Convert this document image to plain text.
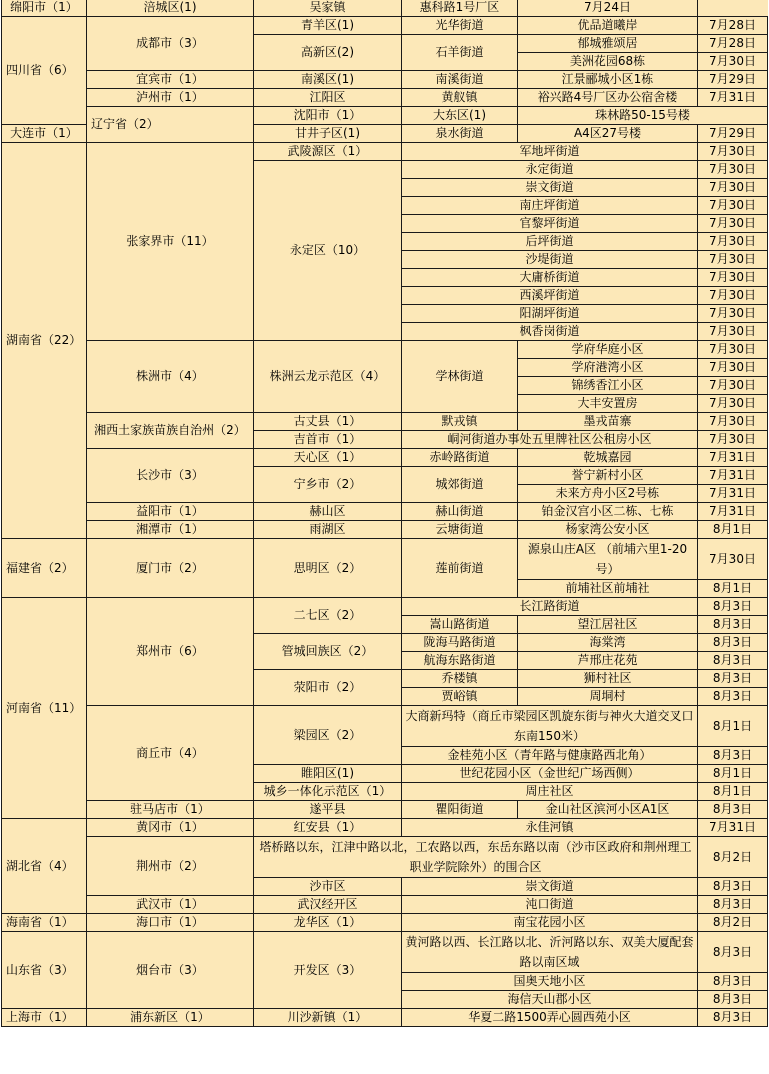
绵阳市（1）	涪城区(1)	吴家镇	惠科路1号厂区	7月24日		
四川省（6）	成都市（3）	青羊区(1)	光华街道	优品道曦岸	7月28日	
		高新区(2)	石羊街道	郁城雅颂居	7月28日	
				美洲花园68栋	7月30日	
	宜宾市（1）	南溪区(1)	南溪街道	江景郦城小区1栋	7月29日	
	泸州市（1）	江阳区	黄舣镇	裕兴路4号厂区办公宿舍楼	7月31日	
	辽宁省（2）	沈阳市（1）	大东区(1)	珠林路50-15号楼	
大连市（1）		甘井子区(1)	泉水街道	A4区27号楼	7月29日	
湖南省（22）	张家界市（11）	武陵源区（1）	军地坪街道		7月30日	
		永定区（10）	永定街道		7月30日	
			崇文街道		7月30日	
			南庄坪街道		7月30日	
			官黎坪街道		7月30日	
			后坪街道		7月30日	
			沙堤街道		7月30日	
			大庸桥街道		7月30日	
			西溪坪街道		7月30日	
			阳湖坪街道		7月30日	
			枫香岗街道		7月30日	
	株洲市（4）	株洲云龙示范区（4）	学林街道	学府华庭小区	7月30日	
				学府港湾小区	7月30日	
				锦绣香江小区	7月30日	
				大丰安置房	7月30日	
	湘西土家族苗族自治州（2）	古丈县（1）	默戎镇	墨戎苗寨	7月30日	
		吉首市（1）	峒河街道办事处五里牌社区公租房小区		7月30日	
	长沙市（3）	天心区（1）	赤岭路街道	乾城嘉园	7月31日	
		宁乡市（2）	城郊街道	誉宁新村小区	7月31日	
				未来方舟小区2号栋	7月31日	
	益阳市（1）	赫山区	赫山街道	铂金汉宫小区二栋、七栋	7月31日	
	湘潭市（1）	雨湖区	云塘街道	杨家湾公安小区	8月1日	
福建省（2）	厦门市（2）	思明区（2）	莲前街道	源泉山庄A区 （前埔六里1-20号）	7月30日	
				前埔社区前埔社	8月1日	
河南省（11）	郑州市（6）	二七区（2）	长江路街道		8月3日	
			嵩山路街道	望江居社区	8月3日	
		管城回族区（2）	陇海马路街道	海棠湾	8月3日	
			航海东路街道	芦邢庄花苑	8月3日	
		荥阳市（2）	乔楼镇	狮村社区	8月3日	
			贾峪镇	周垌村	8月3日	
	商丘市（4）	梁园区（2）	大商新玛特（商丘市梁园区凯旋东街与神火大道交叉口东南150米）		8月1日	
			金桂苑小区（青年路与健康路西北角）		8月3日	
		睢阳区(1)	世纪花园小区（金世纪广场西侧）		8月1日	
		城乡一体化示范区（1）	周庄社区		8月1日	
	驻马店市（1）	遂平县	瞿阳街道	金山社区滨河小区A1区	8月3日	
湖北省（4）	黄冈市（1）	红安县（1）	永佳河镇		7月31日	
	荆州市（2）	塔桥路以东，江津中路以北，工农路以西，东岳东路以南（沙市区政府和荆州理工职业学院除外）的围合区			8月2日	
		沙市区	崇文街道		8月3日	
	武汉市（1）	武汉经开区	沌口街道		8月3日	
海南省（1）	海口市（1）	龙华区（1）	南宝花园小区		8月2日	
山东省（3）	烟台市（3）	开发区（3）	黄河路以西、长江路以北、沂河路以东、双美大厦配套路以南区域		8月3日	
			国奥天地小区		8月3日	
			海信天山郡小区		8月3日	
上海市（1）	浦东新区（1）	川沙新镇（1）	华夏二路1500弄心圆西苑小区		8月3日	
